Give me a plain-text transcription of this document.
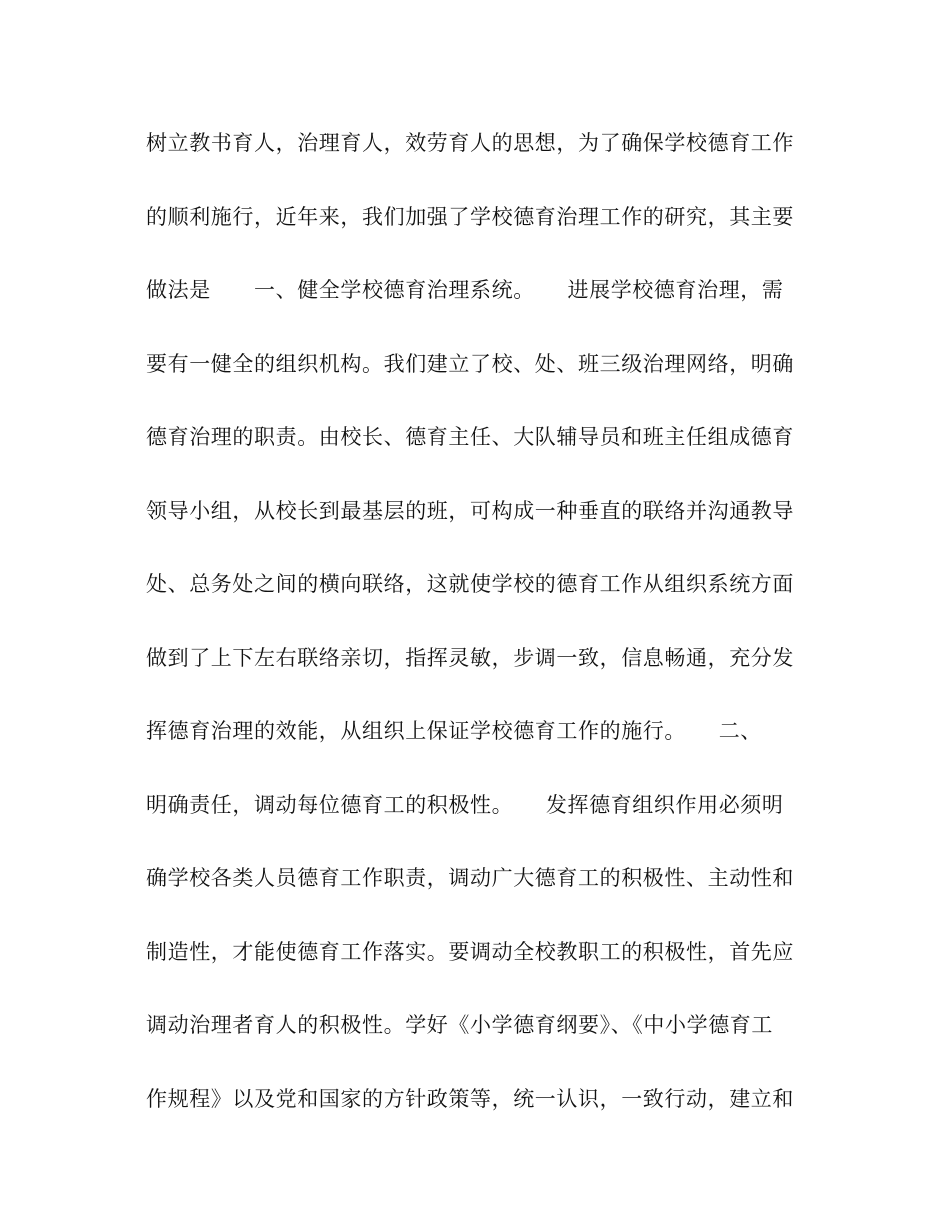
树立教书育人，治理育人，效劳育人的思想，为了确保学校德育工作
的顺利施行，近年来，我们加强了学校德育治理工作的研究，其主要
做法是　　一、健全学校德育治理系统。　　进展学校德育治理，需
要有一健全的组织机构。我们建立了校、处、班三级治理网络，明确
德育治理的职责。由校长、德育主任、大队辅导员和班主任组成德育
领导小组，从校长到最基层的班，可构成一种垂直的联络并沟通教导
处、总务处之间的横向联络，这就使学校的德育工作从组织系统方面
做到了上下左右联络亲切，指挥灵敏，步调一致，信息畅通，充分发
挥德育治理的效能，从组织上保证学校德育工作的施行。　　二、
明确责任，调动每位德育工的积极性。　　发挥德育组织作用必须明
确学校各类人员德育工作职责，调动广大德育工的积极性、主动性和
制造性，才能使德育工作落实。要调动全校教职工的积极性，首先应
调动治理者育人的积极性。学好《小学德育纲要》、《中小学德育工
作规程》以及党和国家的方针政策等，统一认识，一致行动，建立和
